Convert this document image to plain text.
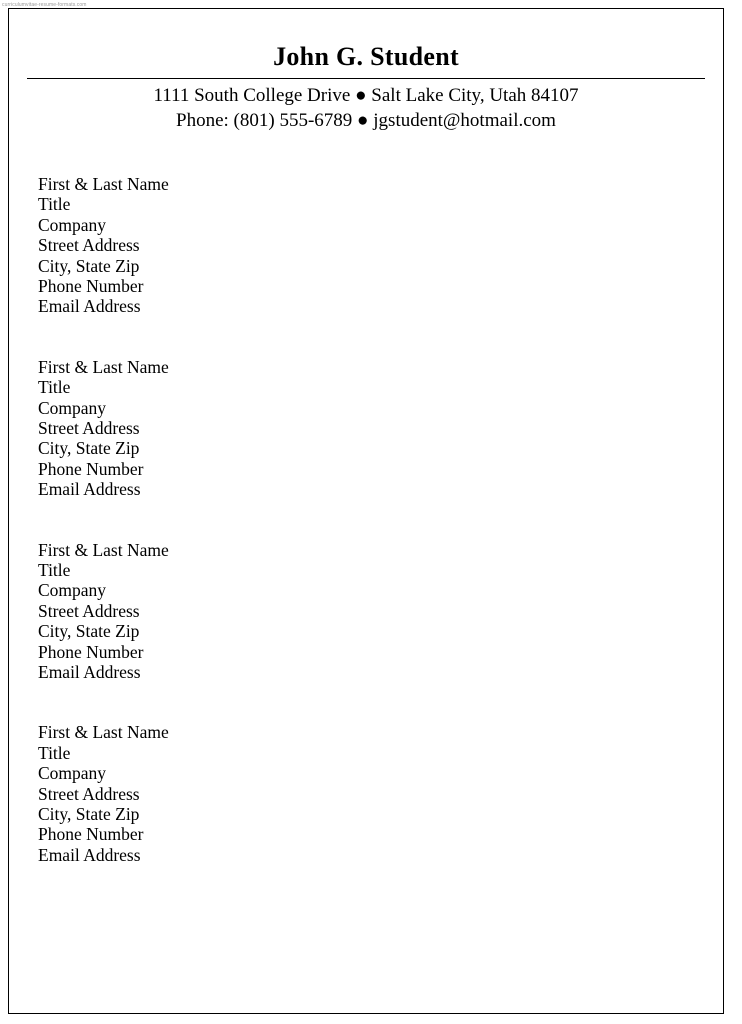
curriculumvitae-resume-formats.com
John G. Student
1111 South College Drive ● Salt Lake City, Utah 84107
Phone: (801) 555-6789 ● jgstudent@hotmail.com
First & Last Name
Title
Company
Street Address
City, State Zip
Phone Number
Email Address
First & Last Name
Title
Company
Street Address
City, State Zip
Phone Number
Email Address
First & Last Name
Title
Company
Street Address
City, State Zip
Phone Number
Email Address
First & Last Name
Title
Company
Street Address
City, State Zip
Phone Number
Email Address
